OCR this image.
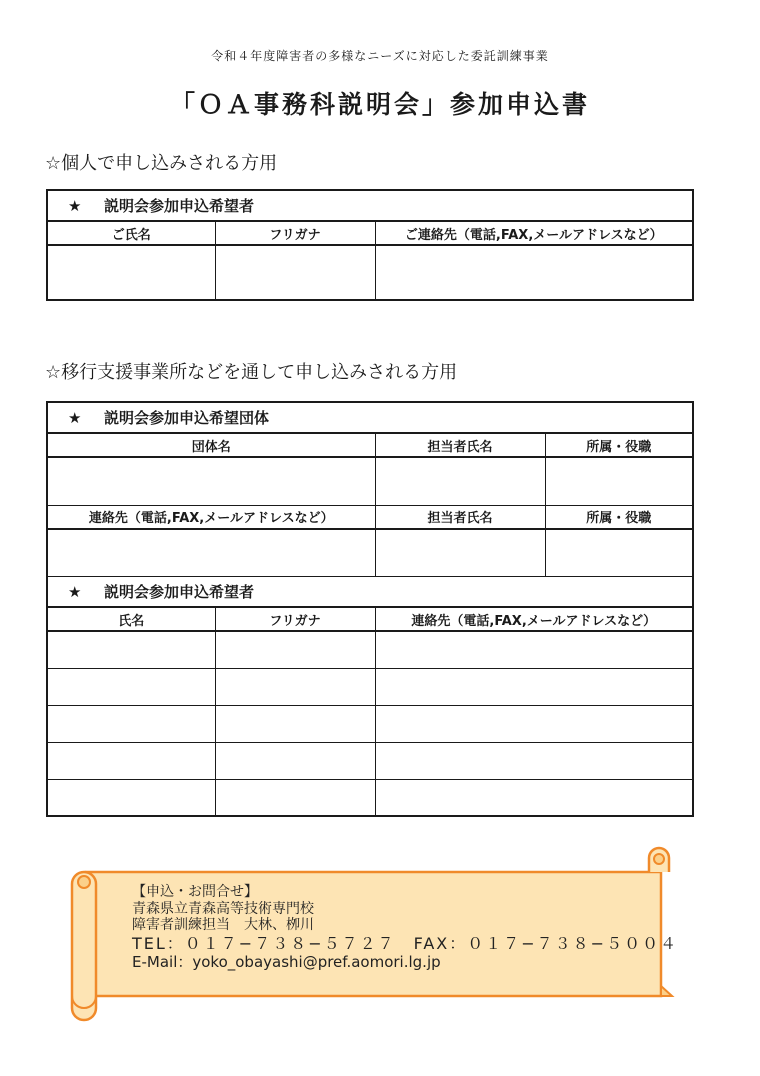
令和４年度障害者の多様なニーズに対応した委託訓練事業
「ＯＡ事務科説明会」参加申込書
☆個人で申し込みされる方用
★ 説明会参加申込希望者		
ご氏名	フリガナ	ご連絡先（電話,FAX,メールアドレスなど）

☆移行支援事業所などを通して申し込みされる方用
★ 説明会参加申込希望団体			
団体名		担当者氏名	所属・役職

連絡先（電話,FAX,メールアドレスなど）		担当者氏名	所属・役職

★ 説明会参加申込希望者			
氏名	フリガナ	連絡先（電話,FAX,メールアドレスなど）	

【申込・お問合せ】
青森県立青森高等技術専門校
障害者訓練担当　大林、栁川
TEL：０１７−７３８−５７２７　FAX：０１７−７３８−５００４
E-Mail：yoko_obayashi@pref.aomori.lg.jp
